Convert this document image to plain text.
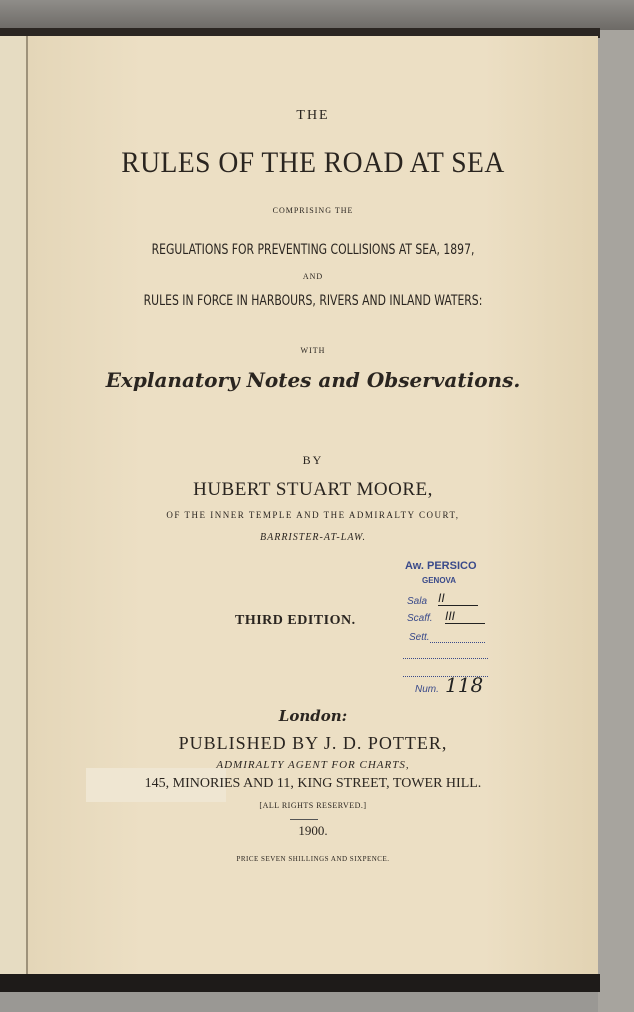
THE
RULES OF THE ROAD AT SEA
COMPRISING THE
REGULATIONS FOR PREVENTING COLLISIONS AT SEA, 1897,
AND
RULES IN FORCE IN HARBOURS, RIVERS AND INLAND WATERS:
WITH
Explanatory Notes and Observations.
BY
HUBERT STUART MOORE,
OF THE INNER TEMPLE AND THE ADMIRALTY COURT,
BARRISTER-AT-LAW.
THIRD EDITION.
London:
PUBLISHED BY J. D. POTTER,
ADMIRALTY AGENT FOR CHARTS,
145, MINORIES AND 11, KING STREET, TOWER HILL.
[ALL RIGHTS RESERVED.]
1900.
PRICE SEVEN SHILLINGS AND SIXPENCE.
Aw. PERSICO
GENOVA
Sala II
Scaff. III
Sett.
Num. 118
